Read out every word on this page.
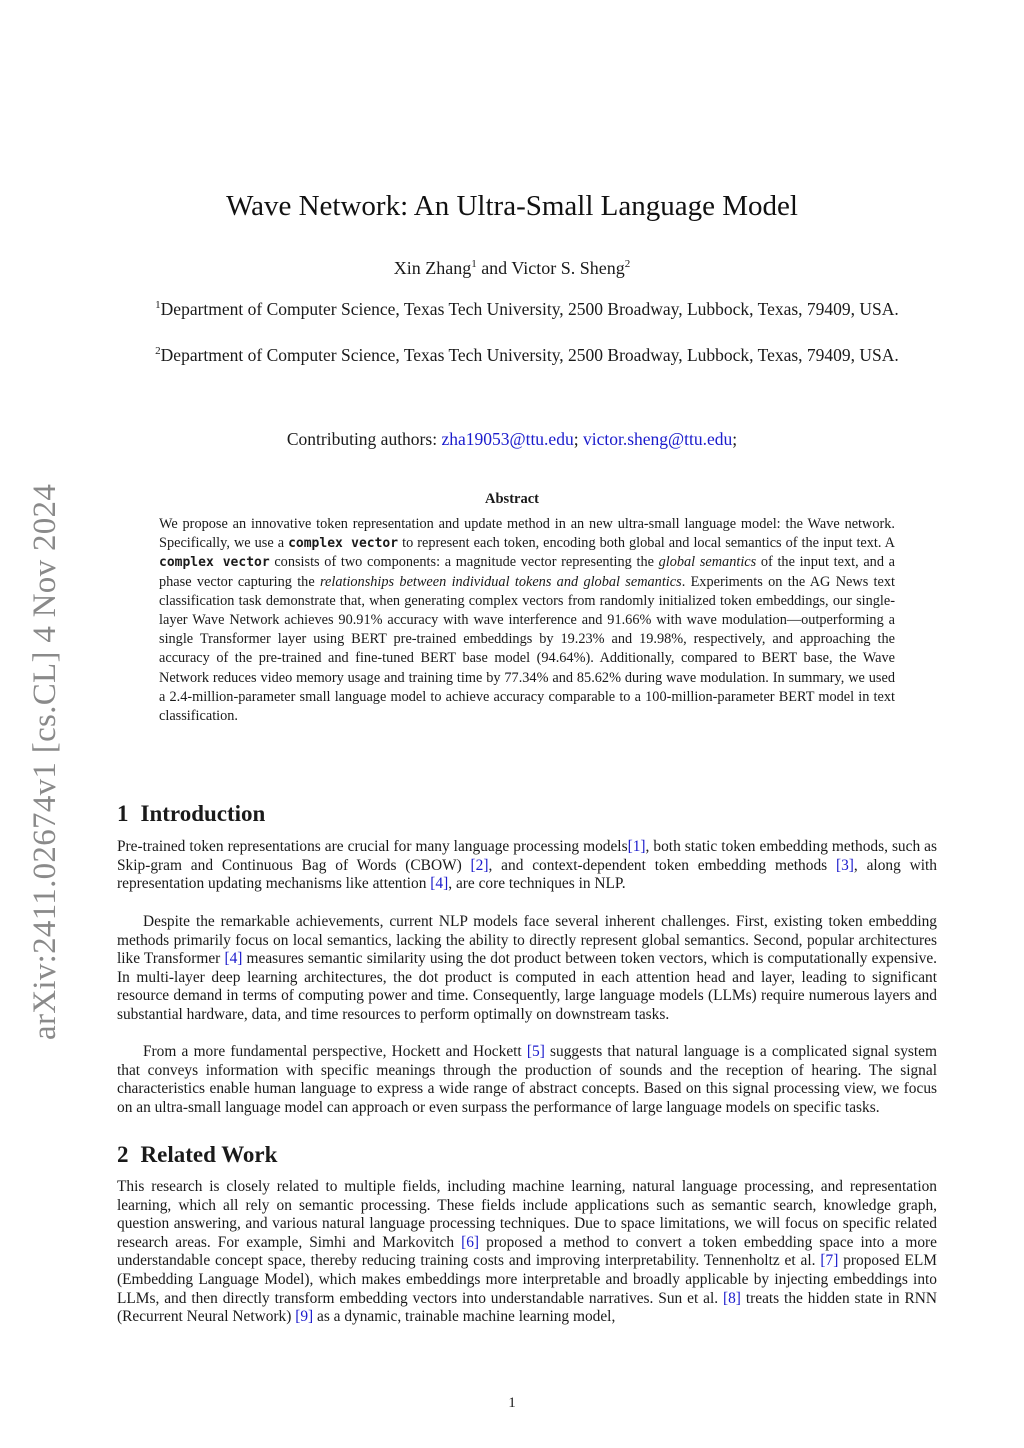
arXiv:2411.02674v1 [cs.CL] 4 Nov 2024
Wave Network: An Ultra-Small Language Model
Xin Zhang$^1$ and Victor S. Sheng$^2$
$^1$Department of Computer Science, Texas Tech University, 2500 Broadway, Lubbock, Texas, 79409, USA.
$^2$Department of Computer Science, Texas Tech University, 2500 Broadway, Lubbock, Texas, 79409, USA.
Contributing authors: zha19053@ttu.edu; victor.sheng@ttu.edu;
Abstract

We propose an innovative token representation and update method in an new ultra-small language model: the Wave network. Specifically, we use a complex vector to represent each token, encoding both global and local semantics of the input text. A complex vector consists of two components: a magnitude vector representing the global semantics of the input text, and a phase vector capturing the relationships between individual tokens and global semantics. Experiments on the AG News text classification task demonstrate that, when generating complex vectors from randomly initialized token embeddings, our single-layer Wave Network achieves 90.91% accuracy with wave interference and 91.66% with wave modulation—outperforming a single Transformer layer using BERT pre-trained embeddings by 19.23% and 19.98%, respectively, and approaching the accuracy of the pre-trained and fine-tuned BERT base model (94.64%). Additionally, compared to BERT base, the Wave Network reduces video memory usage and training time by 77.34% and 85.62% during wave modulation. In summary, we used a 2.4-million-parameter small language model to achieve accuracy comparable to a 100-million-parameter BERT model in text classification.

1 Introduction

Pre-trained token representations are crucial for many language processing models[1], both static token embedding methods, such as Skip-gram and Continuous Bag of Words (CBOW) [2], and context-dependent token embedding methods [3], along with representation updating mechanisms like attention [4], are core techniques in NLP.

Despite the remarkable achievements, current NLP models face several inherent challenges. First, existing token embedding methods primarily focus on local semantics, lacking the ability to directly represent global semantics. Second, popular architectures like Transformer [4] measures semantic similarity using the dot product between token vectors, which is computationally expensive. In multi-layer deep learning architectures, the dot product is computed in each attention head and layer, leading to significant resource demand in terms of computing power and time. Consequently, large language models (LLMs) require numerous layers and substantial hardware, data, and time resources to perform optimally on downstream tasks.

From a more fundamental perspective, Hockett and Hockett [5] suggests that natural language is a complicated signal system that conveys information with specific meanings through the production of sounds and the reception of hearing. The signal characteristics enable human language to express a wide range of abstract concepts. Based on this signal processing view, we focus on an ultra-small language model can approach or even surpass the performance of large language models on specific tasks.

2 Related Work

This research is closely related to multiple fields, including machine learning, natural language processing, and representation learning, which all rely on semantic processing. These fields include applications such as semantic search, knowledge graph, question answering, and various natural language processing techniques. Due to space limitations, we will focus on specific related research areas. For example, Simhi and Markovitch [6] proposed a method to convert a token embedding space into a more understandable concept space, thereby reducing training costs and improving interpretability. Tennenholtz et al. [7] proposed ELM (Embedding Language Model), which makes embeddings more interpretable and broadly applicable by injecting embeddings into LLMs, and then directly transform embedding vectors into understandable narratives. Sun et al. [8] treats the hidden state in RNN (Recurrent Neural Network) [9] as a dynamic, trainable machine learning model,

1
